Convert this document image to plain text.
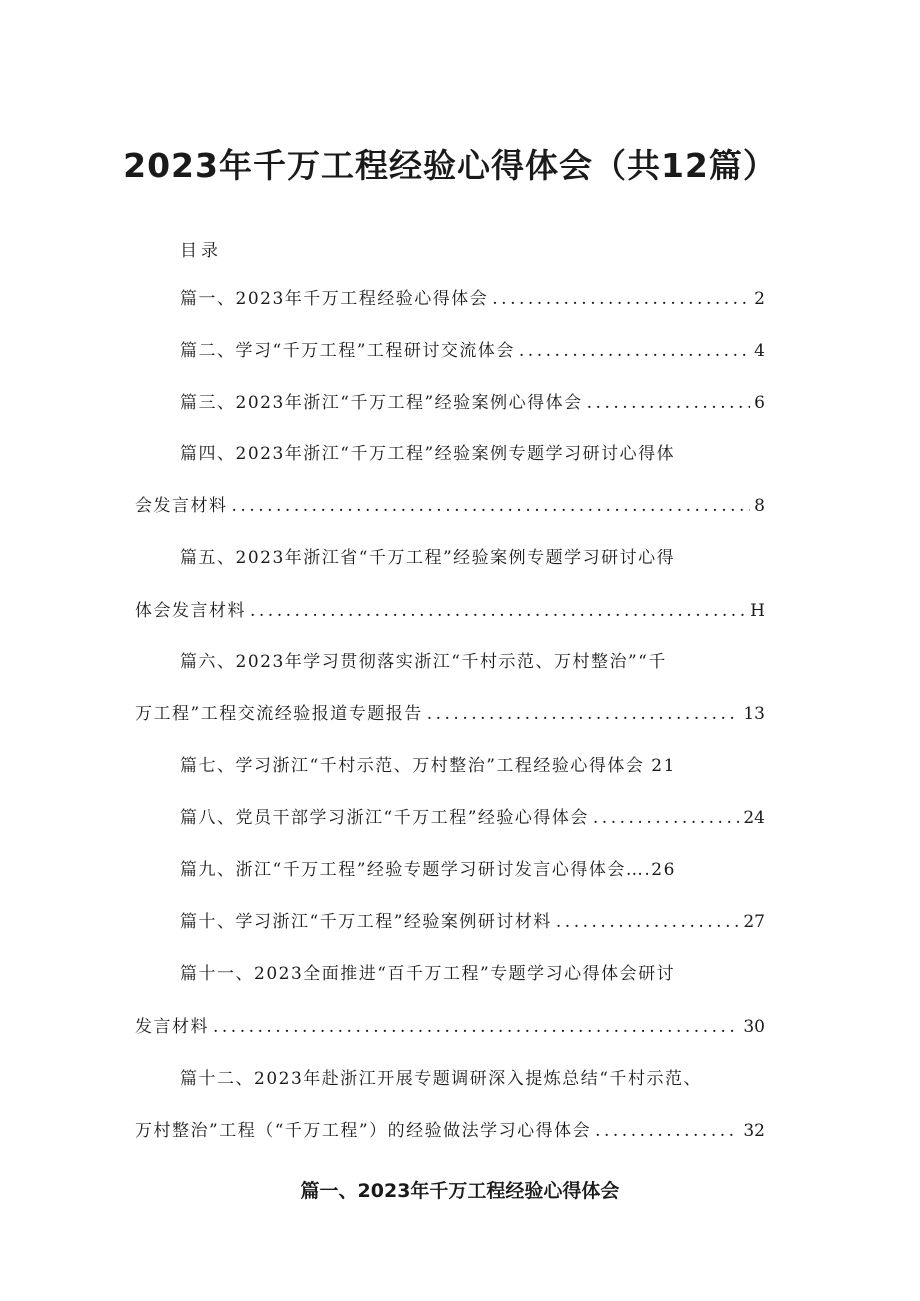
2023年千万工程经验心得体会（共12篇）
目录
篇一、2023年千万工程经验心得体会 .....	2
篇二、学习“千万工程”工程研讨交流体会 .....	4
篇三、2023年浙江“千万工程”经验案例心得体会 .....	6
篇四、2023年浙江“千万工程”经验案例专题学习研讨心得体
会发言材料 .....	8
篇五、2023年浙江省“千万工程”经验案例专题学习研讨心得
体会发言材料 .....	H
篇六、2023年学习贯彻落实浙江“千村示范、万村整治”“千
万工程”工程交流经验报道专题报告 .....	13
篇七、学习浙江“千村示范、万村整治”工程经验心得体会 21
篇八、党员干部学习浙江“千万工程”经验心得体会 .....	24
篇九、浙江“千万工程”经验专题学习研讨发言心得体会….26
篇十、学习浙江“千万工程”经验案例研讨材料 .....	27
篇十一、2023全面推进“百千万工程”专题学习心得体会研讨
发言材料 .....	30
篇十二、2023年赴浙江开展专题调研深入提炼总结“千村示范、
万村整治”工程（“千万工程”）的经验做法学习心得体会 .....	32
篇一、2023年千万工程经验心得体会
